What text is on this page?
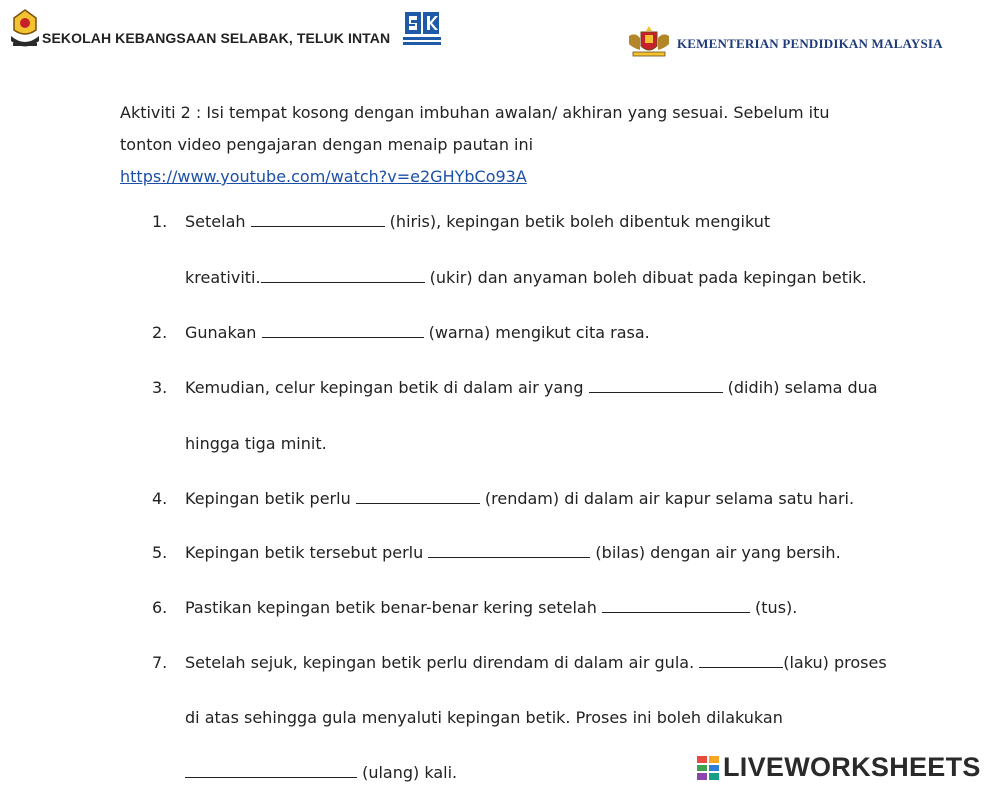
SEKOLAH KEBANGSAAN SELABAK, TELUK INTAN	KEMENTERIAN PENDIDIKAN MALAYSIA
Aktiviti 2 : Isi tempat kosong dengan imbuhan awalan/ akhiran yang sesuai. Sebelum itu
tonton video pengajaran dengan menaip pautan ini
https://www.youtube.com/watch?v=e2GHYbCo93A
1. Setelah	(hiris), kepingan betik boleh dibentuk mengikut
kreativiti.	(ukir) dan anyaman boleh dibuat pada kepingan betik.
2. Gunakan	(warna) mengikut cita rasa.
3. Kemudian, celur kepingan betik di dalam air yang	(didih) selama dua
hingga tiga minit.
4. Kepingan betik perlu	(rendam) di dalam air kapur selama satu hari.
5. Kepingan betik tersebut perlu	(bilas) dengan air yang bersih.
6. Pastikan kepingan betik benar-benar kering setelah	(tus).
7. Setelah sejuk, kepingan betik perlu direndam di dalam air gula.	(laku) proses
di atas sehingga gula menyaluti kepingan betik. Proses ini boleh dilakukan
(ulang) kali.	LIVEWORKSHEETS
